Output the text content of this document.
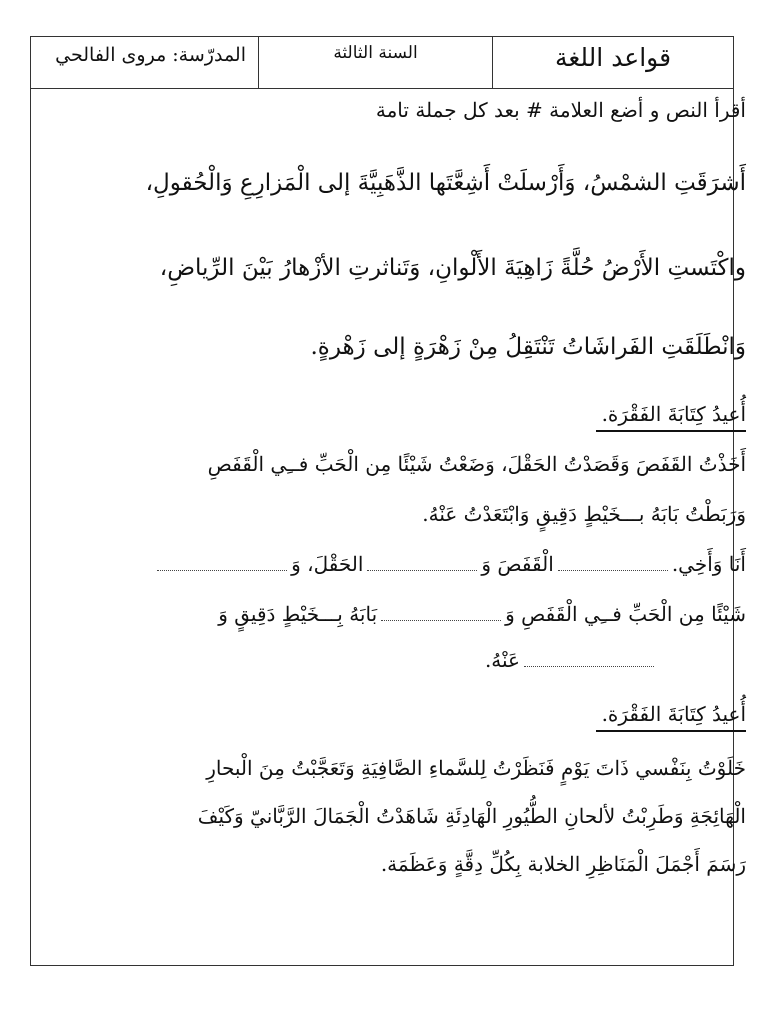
المدرّسة: مروى الفالحي	السنة الثالثة	قواعد اللغة
أقرأ النص و أضع العلامة # بعد كل جملة تامة
أَشرَقَتِ الشمْسُ، وَأَرْسلَتْ أَشِعَّتَها الذَّهَبِيَّةَ إلى الْمَزارِعِ وَالْحُقولِ،
واكْتَستِ الأَرْضُ حُلَّةً زَاهِيَةَ الأَلْوانِ، وَتَناثرتِ الأزْهارُ بَيْنَ الرِّياضِ،
وَانْطَلَقَتِ الفَراشَاتُ تَنْتَقِلُ مِنْ زَهْرَةٍ إلى زَهْرةٍ.
أُعيدُ كِتَابَةَ الفَقْرَة.
أَخَذْتُ القَفَصَ وَقَصَدْتُ الحَقْلَ، وَضَعْتُ شَيْئًا مِن الْحَبِّ فــِي الْقَفَصِ
وَرَبَطْتُ بَابَهُ بـــخَيْطٍ دَقِيقٍ وَابْتَعَدْتُ عَنْهُ.
أَنَا وَأَخِي.الْقَفَصَ وَالحَقْلَ، وَ
شَيْئًا مِن الْحَبِّ فــِي الْقَفَصِ وَبَابَهُ بِـــخَيْطٍ دَقِيقٍ وَ
عَنْهُ.
أُعيدُ كِتَابَةَ الفَقْرَة.
خَلَوْتُ بِنَفْسي ذَاتَ يَوْمٍ فَنَظَرْتُ لِلسَّماءِ الصَّافِيَةِ وَتَعَجَّبْتُ مِنَ الْبحارِ
الْهَائِجَةِ وَطَرِبْتُ لألحانِ الطُّيُورِ الْهَادِئَةِ شَاهَدْتُ الْجَمَالَ الرَّبَّانيّ وَكَيْفَ
رَسَمَ أَجْمَلَ الْمَنَاظِرِ الخلابة بِكُلِّ دِقَّةٍ وَعَظَمَة.
